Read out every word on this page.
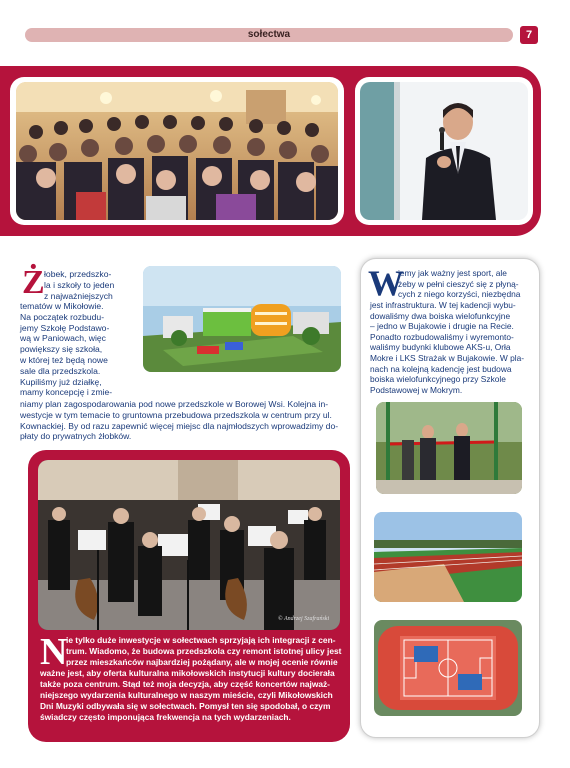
sołectwa	7
Ż łobek, przedszko-
la i szkoły to jeden
z najważniejszych
tematów w Mikołowie.
Na początek rozbudu-
jemy Szkołę Podstawo-
wą w Paniowach, więc
powiększy się szkoła,
w której też będą nowe
sale dla przedszkola.
Kupiliśmy już działkę,
mamy koncepcję i zmie-
niamy plan zagospodarowania pod nowe przedszkole w Borowej Wsi. Kolejna in-
westycje w tym temacie to gruntowna przebudowa przedszkola w centrum przy ul.
Kownackiej. By od razu zapewnić więcej miejsc dla najmłodszych wprowadzimy do-
płaty do prywatnych żłobków.
W
iemy jak ważny jest sport, ale
żeby w pełni cieszyć się z płyną-
cych z niego korzyści, niezbędna
jest infrastruktura. W tej kadencji wybu-
dowaliśmy dwa boiska wielofunkcyjne
– jedno w Bujakowie i drugie na Recie.
Ponadto rozbudowaliśmy i wyremonto-
waliśmy budynki klubowe AKS-u, Orła
Mokre i LKS Strażak w Bujakowie. W pla-
nach na kolejną kadencję jest budowa
boiska wielofunkcyjnego przy Szkole
Podstawowej w Mokrym.
© Andrzej Szafrański
N
ie tylko duże inwestycje w sołectwach sprzyjają ich integracji z cen-
trum. Wiadomo, że budowa przedszkola czy remont istotnej ulicy jest
przez mieszkańców najbardziej pożądany, ale w mojej ocenie równie
ważne jest, aby oferta kulturalna mikołowskich instytucji kultury docierała
także poza centrum. Stąd też moja decyzja, aby część koncertów najważ-
niejszego wydarzenia kulturalnego w naszym mieście, czyli Mikołowskich
Dni Muzyki odbywała się w sołectwach. Pomysł ten się spodobał, o czym
świadczy często imponująca frekwencja na tych wydarzeniach.
